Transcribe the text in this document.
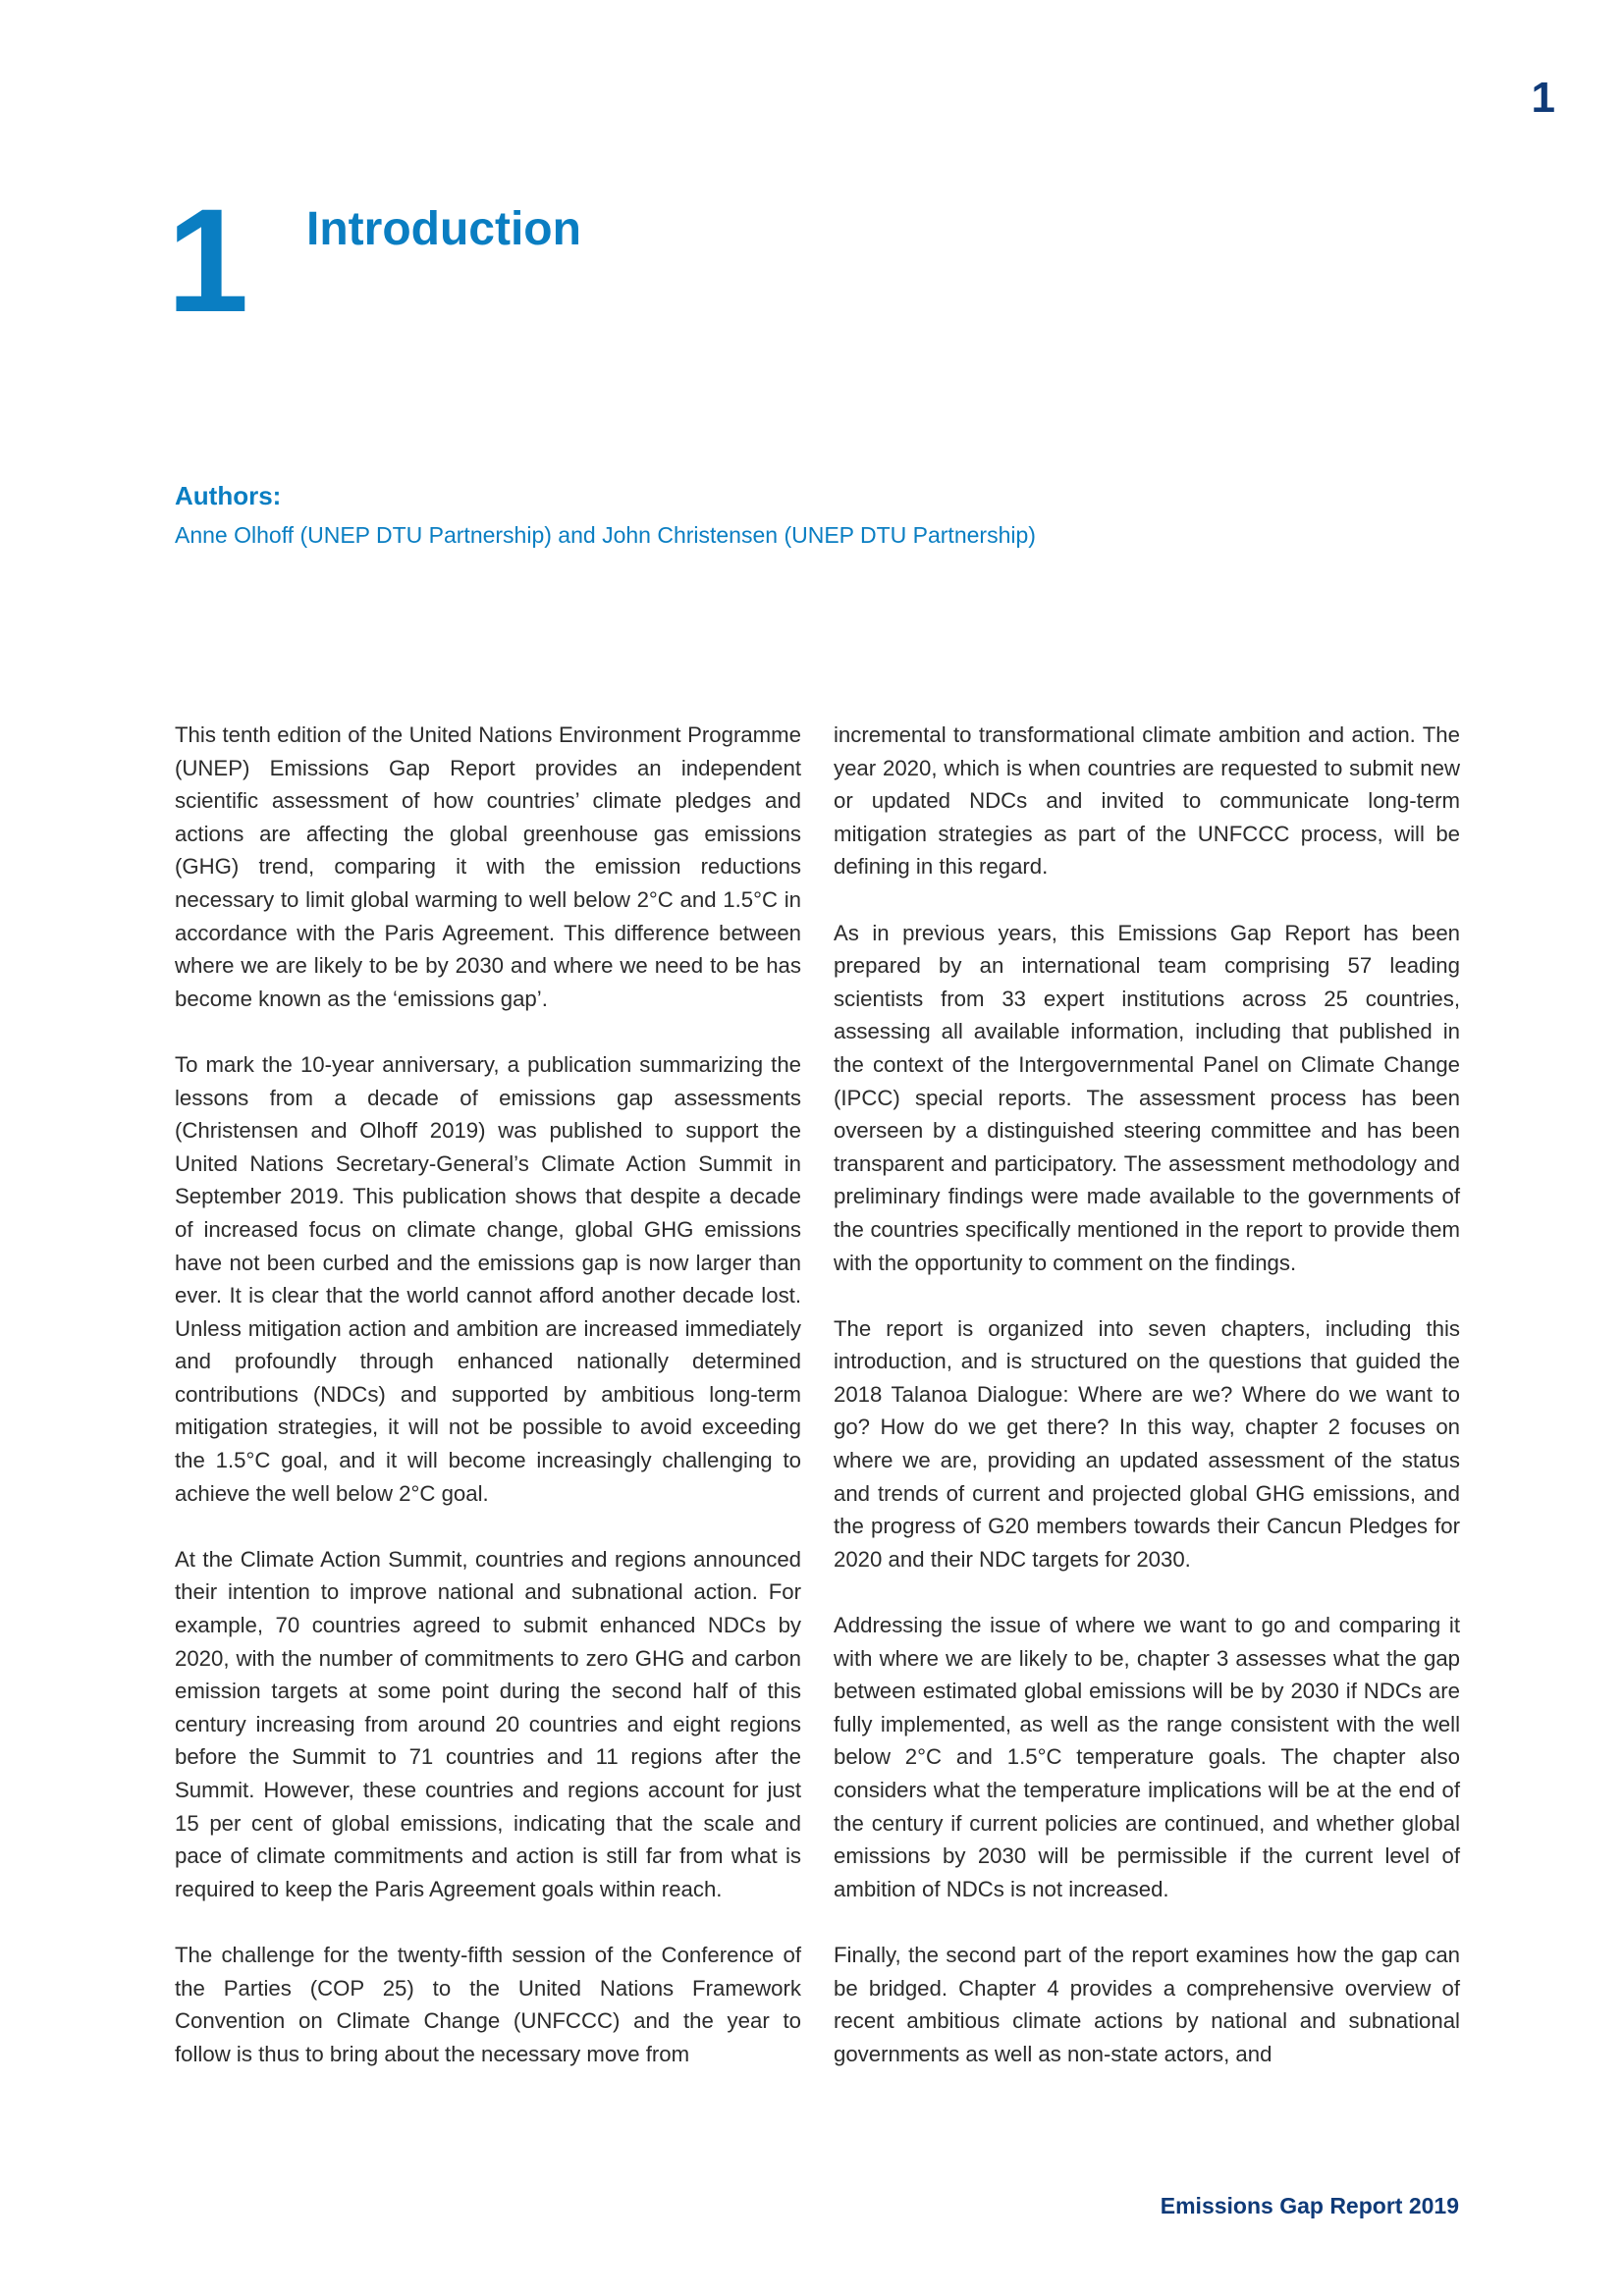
1
1 Introduction
Authors:
Anne Olhoff (UNEP DTU Partnership) and John Christensen (UNEP DTU Partnership)

This tenth edition of the United Nations Environment Programme (UNEP) Emissions Gap Report provides an independent scientific assessment of how countries’ climate pledges and actions are affecting the global greenhouse gas emissions (GHG) trend, comparing it with the emission reductions necessary to limit global warming to well below 2°C and 1.5°C in accordance with the Paris Agreement. This difference between where we are likely to be by 2030 and where we need to be has become known as the ‘emissions gap’.

To mark the 10-year anniversary, a publication summarizing the lessons from a decade of emissions gap assessments (Christensen and Olhoff 2019) was published to support the United Nations Secretary-General’s Climate Action Summit in September 2019. This publication shows that despite a decade of increased focus on climate change, global GHG emissions have not been curbed and the emissions gap is now larger than ever. It is clear that the world cannot afford another decade lost. Unless mitigation action and ambition are increased immediately and profoundly through enhanced nationally determined contributions (NDCs) and supported by ambitious long-term mitigation strategies, it will not be possible to avoid exceeding the 1.5°C goal, and it will become increasingly challenging to achieve the well below 2°C goal.

At the Climate Action Summit, countries and regions announced their intention to improve national and subnational action. For example, 70 countries agreed to submit enhanced NDCs by 2020, with the number of commitments to zero GHG and carbon emission targets at some point during the second half of this century increasing from around 20 countries and eight regions before the Summit to 71 countries and 11 regions after the Summit. However, these countries and regions account for just 15 per cent of global emissions, indicating that the scale and pace of climate commitments and action is still far from what is required to keep the Paris Agreement goals within reach.

The challenge for the twenty-fifth session of the Conference of the Parties (COP 25) to the United Nations Framework Convention on Climate Change (UNFCCC) and the year to follow is thus to bring about the necessary move from

incremental to transformational climate ambition and action. The year 2020, which is when countries are requested to submit new or updated NDCs and invited to communicate long-term mitigation strategies as part of the UNFCCC process, will be defining in this regard.

As in previous years, this Emissions Gap Report has been prepared by an international team comprising 57 leading scientists from 33 expert institutions across 25 countries, assessing all available information, including that published in the context of the Intergovernmental Panel on Climate Change (IPCC) special reports. The assessment process has been overseen by a distinguished steering committee and has been transparent and participatory. The assessment methodology and preliminary findings were made available to the governments of the countries specifically mentioned in the report to provide them with the opportunity to comment on the findings.

The report is organized into seven chapters, including this introduction, and is structured on the questions that guided the 2018 Talanoa Dialogue: Where are we? Where do we want to go? How do we get there? In this way, chapter 2 focuses on where we are, providing an updated assessment of the status and trends of current and projected global GHG emissions, and the progress of G20 members towards their Cancun Pledges for 2020 and their NDC targets for 2030.

Addressing the issue of where we want to go and comparing it with where we are likely to be, chapter 3 assesses what the gap between estimated global emissions will be by 2030 if NDCs are fully implemented, as well as the range consistent with the well below 2°C and 1.5°C temperature goals. The chapter also considers what the temperature implications will be at the end of the century if current policies are continued, and whether global emissions by 2030 will be permissible if the current level of ambition of NDCs is not increased.

Finally, the second part of the report examines how the gap can be bridged. Chapter 4 provides a comprehensive overview of recent ambitious climate actions by national and subnational governments as well as non-state actors, and

Emissions Gap Report 2019
